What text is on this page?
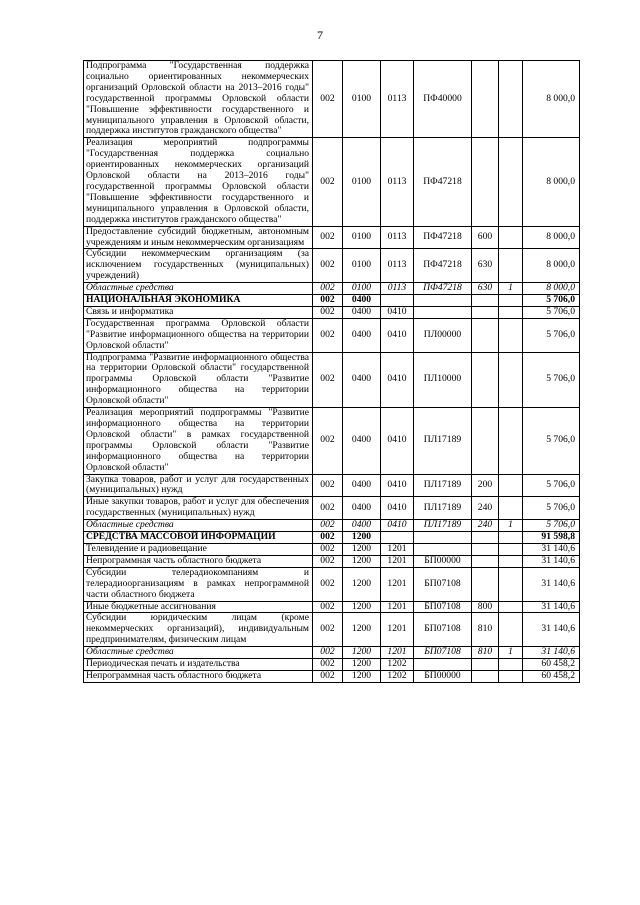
7
Подпрограмма "Государственная поддержка социально ориентированных некоммерческих организаций Орловской области на 2013–2016 годы" государственной программы Орловской области "Повышение эффективности государственного и муниципального управления в Орловской области, поддержка институтов гражданского общества"	002	0100	0113	ПФ40000			8 000,0
Реализация мероприятий подпрограммы "Государственная поддержка социально ориентированных некоммерческих организаций Орловской области на 2013–2016 годы" государственной программы Орловской области "Повышение эффективности государственного и муниципального управления в Орловской области, поддержка институтов гражданского общества"	002	0100	0113	ПФ47218			8 000,0
Предоставление субсидий бюджетным, автономным учреждениям и иным некоммерческим организациям	002	0100	0113	ПФ47218	600		8 000,0
Субсидии некоммерческим организациям (за исключением государственных (муниципальных) учреждений)	002	0100	0113	ПФ47218	630		8 000,0
Областные средства	002	0100	0113	ПФ47218	630	1	8 000,0
НАЦИОНАЛЬНАЯ ЭКОНОМИКА	002	0400					5 706,0
Связь и информатика	002	0400	0410				5 706,0
Государственная программа Орловской области "Развитие информационного общества на территории Орловской области"	002	0400	0410	ПЛ00000			5 706,0
Подпрограмма "Развитие информационного общества на территории Орловской области" государственной программы Орловской области "Развитие информационного общества на территории Орловской области"	002	0400	0410	ПЛ10000			5 706,0
Реализация мероприятий подпрограммы "Развитие информационного общества на территории Орловской области" в рамках государственной программы Орловской области "Развитие информационного общества на территории Орловской области"	002	0400	0410	ПЛ17189			5 706,0
Закупка товаров, работ и услуг для государственных (муниципальных) нужд	002	0400	0410	ПЛ17189	200		5 706,0
Иные закупки товаров, работ и услуг для обеспечения государственных (муниципальных) нужд	002	0400	0410	ПЛ17189	240		5 706,0
Областные средства	002	0400	0410	ПЛ17189	240	1	5 706,0
СРЕДСТВА МАССОВОЙ ИНФОРМАЦИИ	002	1200					91 598,8
Телевидение и радиовещание	002	1200	1201				31 140,6
Непрограммная часть областного бюджета	002	1200	1201	БП00000			31 140,6
Субсидии телерадиокомпаниям и телерадиоорганизациям в рамках непрограммной части областного бюджета	002	1200	1201	БП07108			31 140,6
Иные бюджетные ассигнования	002	1200	1201	БП07108	800		31 140,6
Субсидии юридическим лицам (кроме некоммерческих организаций), индивидуальным предпринимателям, физическим лицам	002	1200	1201	БП07108	810		31 140,6
Областные средства	002	1200	1201	БП07108	810	1	31 140,6
Периодическая печать и издательства	002	1200	1202				60 458,2
Непрограммная часть областного бюджета	002	1200	1202	БП00000			60 458,2
